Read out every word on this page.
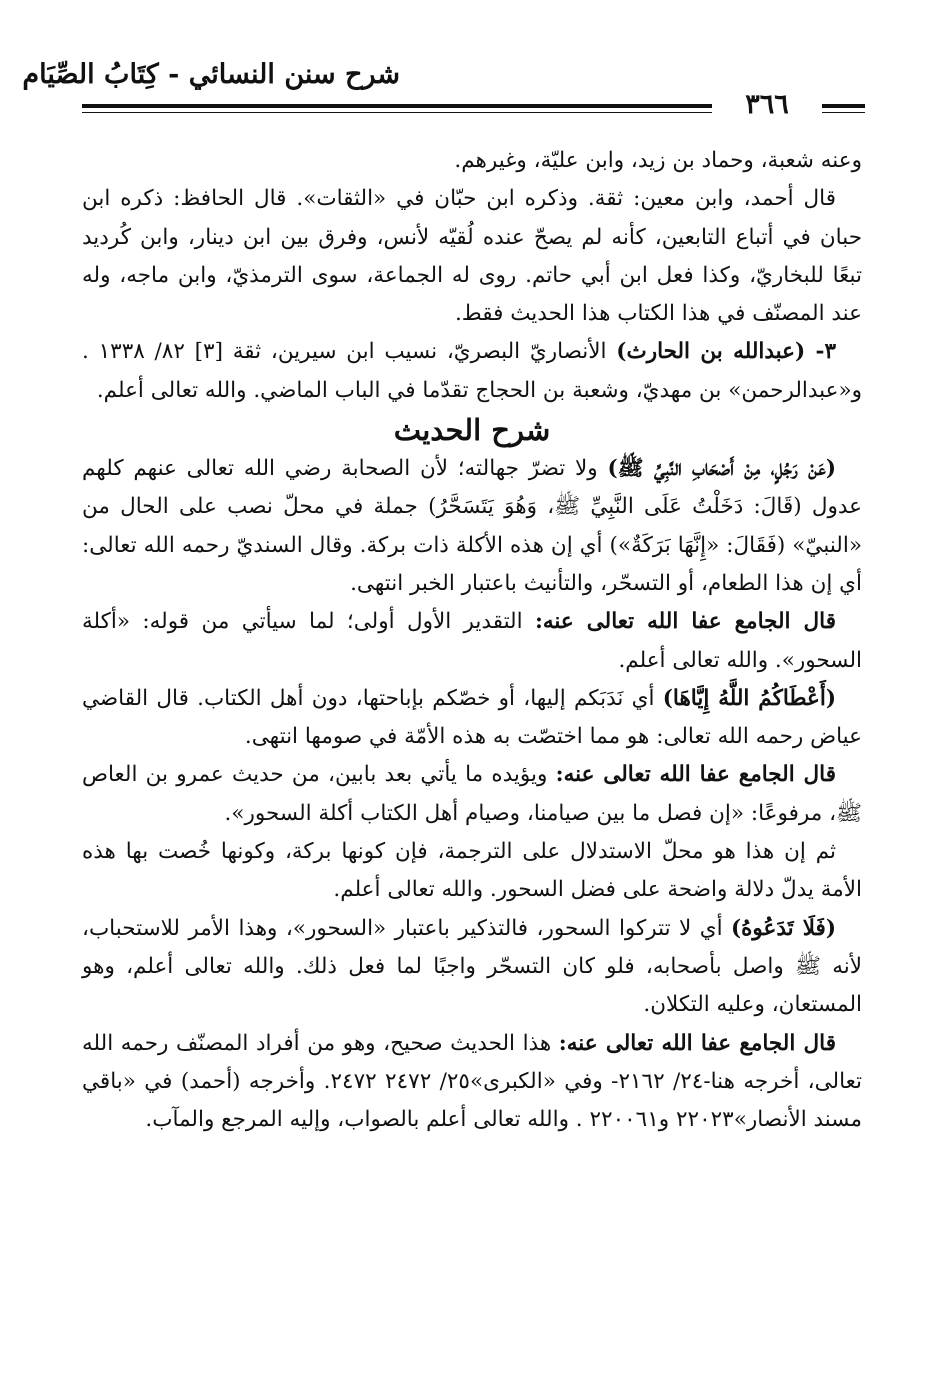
شرح سنن النسائي - كِتَابُ الصِّيَام
٣٦٦

وعنه شعبة، وحماد بن زيد، وابن عليّة، وغيرهم.

قال أحمد، وابن معين: ثقة. وذكره ابن حبّان في «الثقات». قال الحافظ: ذكره ابن حبان في أتباع التابعين، كأنه لم يصحّ عنده لُقيّه لأنس، وفرق بين ابن دينار، وابن كُرديد تبعًا للبخاريّ، وكذا فعل ابن أبي حاتم. روى له الجماعة، سوى الترمذيّ، وابن ماجه، وله عند المصنّف في هذا الكتاب هذا الحديث فقط.

٣- (عبدالله بن الحارث) الأنصاريّ البصريّ، نسيب ابن سيرين، ثقة [٣] ٨٢/ ١٣٣٨ . و«عبدالرحمن» بن مهديّ، وشعبة بن الحجاج تقدّما في الباب الماضي. والله تعالى أعلم.

شرح الحديث

(عَنْ رَجُلٍ، مِنْ أَصْحَابِ النَّبِيِّ ﷺ) ولا تضرّ جهالته؛ لأن الصحابة رضي الله تعالى عنهم كلهم عدول (قَالَ: دَخَلْتُ عَلَى النَّبِيِّ ﷺ، وَهُوَ يَتَسَحَّرُ) جملة في محلّ نصب على الحال من «النبيّ» (فَقَالَ: «إِنَّهَا بَرَكَةٌ») أي إن هذه الأكلة ذات بركة. وقال السنديّ رحمه الله تعالى: أي إن هذا الطعام، أو التسحّر، والتأنيث باعتبار الخبر انتهى.

قال الجامع عفا الله تعالى عنه: التقدير الأول أولى؛ لما سيأتي من قوله: «أكلة السحور». والله تعالى أعلم.

(أَعْطَاكُمُ اللَّهُ إِيَّاهَا) أي نَدَبَكم إليها، أو خصّكم بإباحتها، دون أهل الكتاب. قال القاضي عياض رحمه الله تعالى: هو مما اختصّت به هذه الأمّة في صومها انتهى.

قال الجامع عفا الله تعالى عنه: ويؤيده ما يأتي بعد بابين، من حديث عمرو بن العاص ﷺ، مرفوعًا: «إن فصل ما بين صيامنا، وصيام أهل الكتاب أكلة السحور».

ثم إن هذا هو محلّ الاستدلال على الترجمة، فإن كونها بركة، وكونها خُصت بها هذه الأمة يدلّ دلالة واضحة على فضل السحور. والله تعالى أعلم.

(فَلَا تَدَعُوهُ) أي لا تتركوا السحور، فالتذكير باعتبار «السحور»، وهذا الأمر للاستحباب، لأنه ﷺ واصل بأصحابه، فلو كان التسحّر واجبًا لما فعل ذلك. والله تعالى أعلم، وهو المستعان، وعليه التكلان.

قال الجامع عفا الله تعالى عنه: هذا الحديث صحيح، وهو من أفراد المصنّف رحمه الله تعالى، أخرجه هنا-٢٤/ ٢١٦٢- وفي «الكبرى»٢٥/ ٢٤٧٢ ٢٤٧٢. وأخرجه (أحمد) في «باقي مسند الأنصار»٢٢٠٢٣ و٢٢٠٠٦١ . والله تعالى أعلم بالصواب، وإليه المرجع والمآب.
